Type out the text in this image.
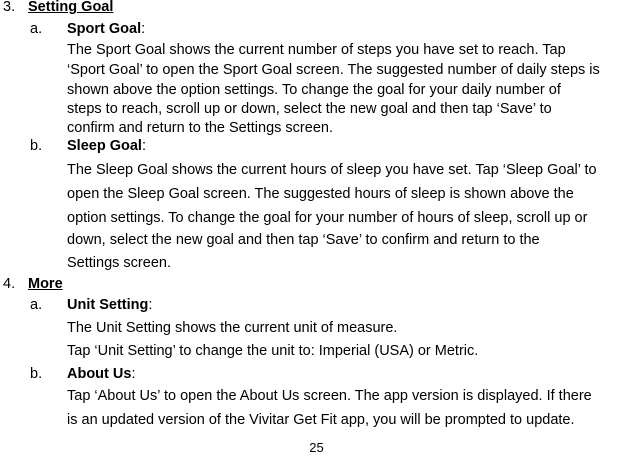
3. Setting Goal
a. Sport Goal:
The Sport Goal shows the current number of steps you have set to reach. Tap
‘Sport Goal’ to open the Sport Goal screen. The suggested number of daily steps is
shown above the option settings. To change the goal for your daily number of
steps to reach, scroll up or down, select the new goal and then tap ‘Save’ to
confirm and return to the Settings screen.
b. Sleep Goal:
The Sleep Goal shows the current hours of sleep you have set. Tap ‘Sleep Goal’ to
open the Sleep Goal screen. The suggested hours of sleep is shown above the
option settings. To change the goal for your number of hours of sleep, scroll up or
down, select the new goal and then tap ‘Save’ to confirm and return to the
Settings screen.
4. More
a. Unit Setting:
The Unit Setting shows the current unit of measure.
Tap ‘Unit Setting’ to change the unit to: Imperial (USA) or Metric.
b. About Us:
Tap ‘About Us’ to open the About Us screen. The app version is displayed. If there
is an updated version of the Vivitar Get Fit app, you will be prompted to update.
25
